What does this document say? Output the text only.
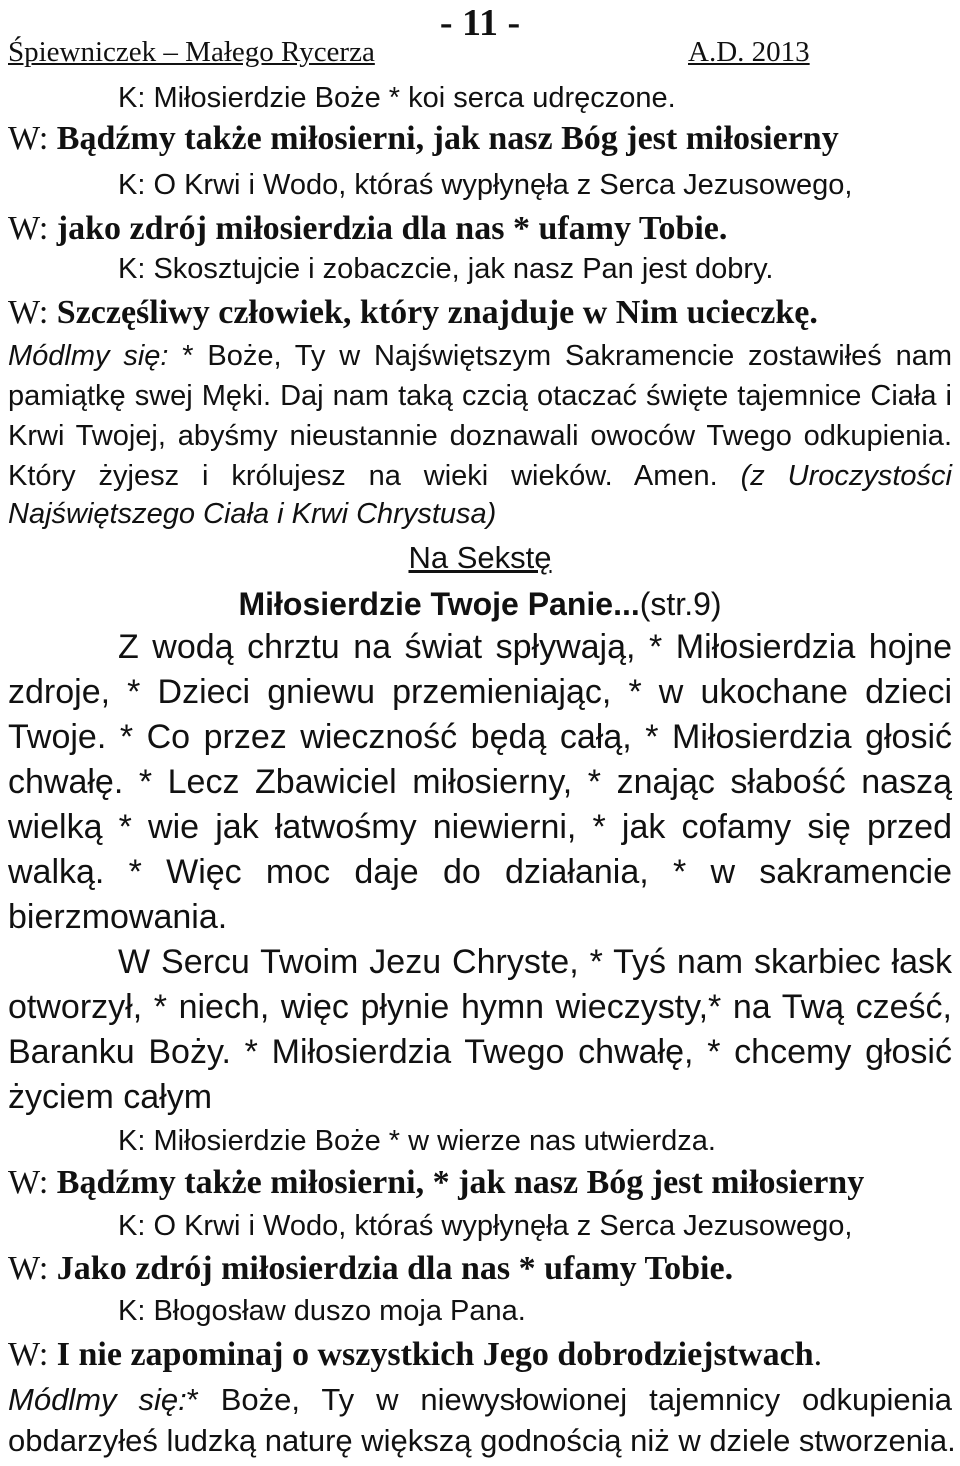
- 11 -
Śpiewniczek – Małego Rycerza	A.D. 2013
K: Miłosierdzie Boże * koi serca udręczone.
W: Bądźmy także miłosierni, jak nasz Bóg jest miłosierny
K: O Krwi i Wodo, któraś wypłynęła z Serca Jezusowego,
W: jako zdrój miłosierdzia dla nas * ufamy Tobie.
K: Skosztujcie i zobaczcie, jak nasz Pan jest dobry.
W: Szczęśliwy człowiek, który znajduje w Nim ucieczkę.
Módlmy się: * Boże, Ty w Najświętszym Sakramencie zostawiłeś nam
pamiątkę swej Męki. Daj nam taką czcią otaczać święte tajemnice Ciała i
Krwi Twojej, abyśmy nieustannie doznawali owoców Twego odkupienia.
Który żyjesz i królujesz na wieki wieków. Amen. (z Uroczystości
Najświętszego Ciała i Krwi Chrystusa)
Na Sekstę
Miłosierdzie Twoje Panie...(str.9)
Z wodą chrztu na świat spływają, * Miłosierdzia hojne
zdroje, * Dzieci gniewu przemieniając, * w ukochane dzieci
Twoje. * Co przez wieczność będą całą, * Miłosierdzia głosić
chwałę. * Lecz Zbawiciel miłosierny, * znając słabość naszą
wielką * wie jak łatwośmy niewierni, * jak cofamy się przed
walką. * Więc moc daje do działania, * w sakramencie
bierzmowania.
W Sercu Twoim Jezu Chryste, * Tyś nam skarbiec łask
otworzył, * niech, więc płynie hymn wieczysty,* na Twą cześć,
Baranku Boży. * Miłosierdzia Twego chwałę, * chcemy głosić
życiem całym
K: Miłosierdzie Boże * w wierze nas utwierdza.
W: Bądźmy także miłosierni, * jak nasz Bóg jest miłosierny
K: O Krwi i Wodo, któraś wypłynęła z Serca Jezusowego,
W: Jako zdrój miłosierdzia dla nas * ufamy Tobie.
K: Błogosław duszo moja Pana.
W: I nie zapominaj o wszystkich Jego dobrodziejstwach.
Módlmy się:* Boże, Ty w niewysłowionej tajemnicy odkupienia
obdarzyłeś ludzką naturę większą godnością niż w dziele stworzenia.
